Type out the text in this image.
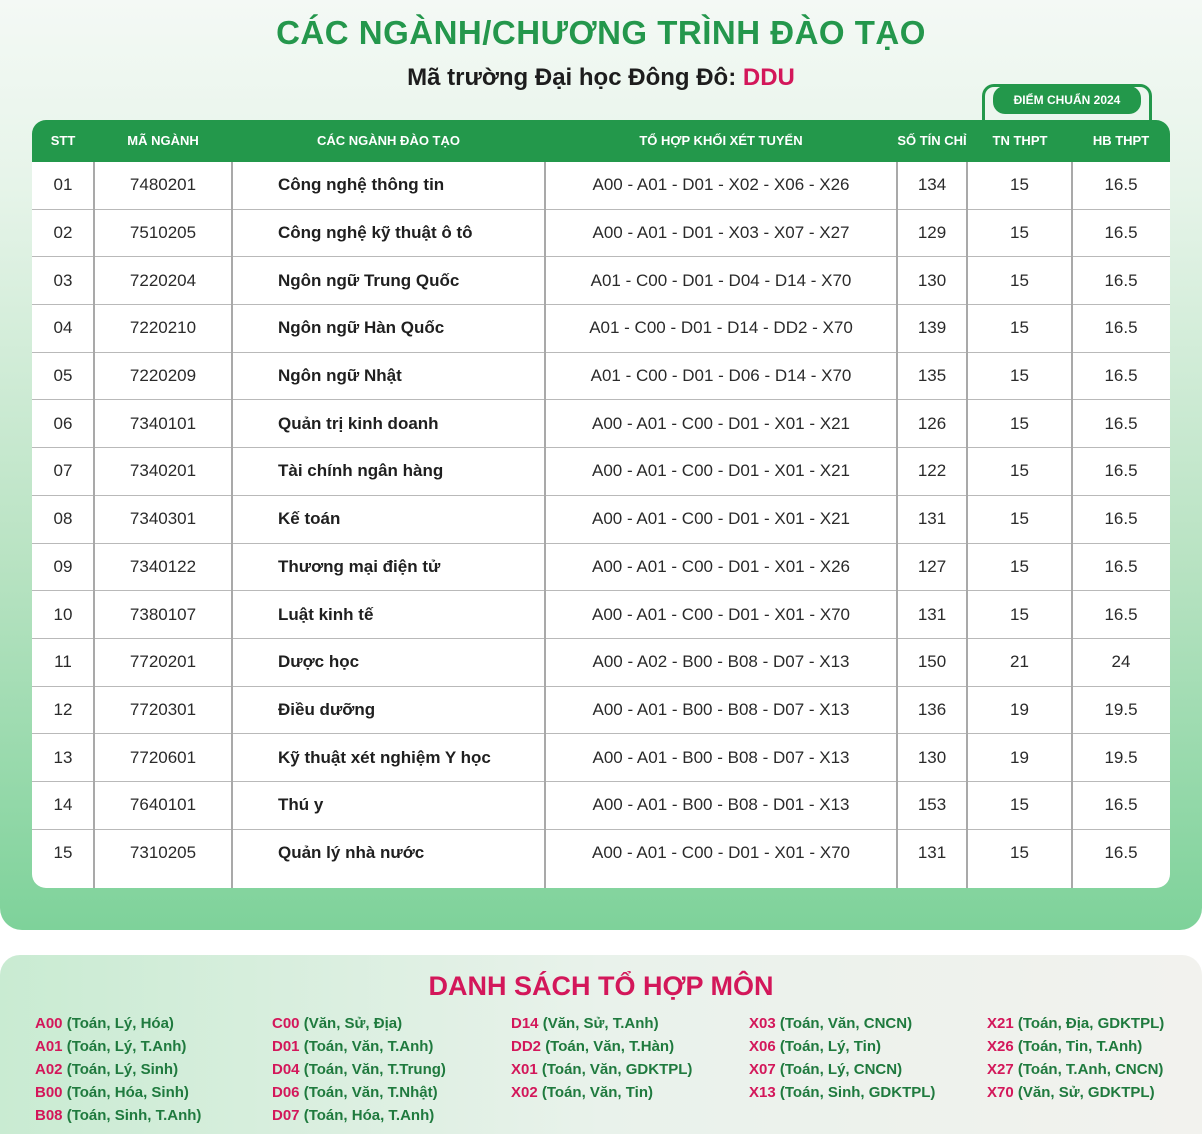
CÁC NGÀNH/CHƯƠNG TRÌNH ĐÀO TẠO
Mã trường Đại học Đông Đô: DDU
ĐIỂM CHUẨN 2024
STT	MÃ NGÀNH	CÁC NGÀNH ĐÀO TẠO	TỔ HỢP KHỐI XÉT TUYỂN	SỐ TÍN CHỈ	TN THPT	HB THPT
01	7480201	Công nghệ thông tin	A00 - A01 - D01 - X02 - X06 - X26	134	15	16.5
02	7510205	Công nghệ kỹ thuật ô tô	A00 - A01 - D01 - X03 - X07 - X27	129	15	16.5
03	7220204	Ngôn ngữ Trung Quốc	A01 - C00 - D01 - D04 - D14 - X70	130	15	16.5
04	7220210	Ngôn ngữ Hàn Quốc	A01 - C00 - D01 - D14 - DD2 - X70	139	15	16.5
05	7220209	Ngôn ngữ Nhật	A01 - C00 - D01 - D06 - D14 - X70	135	15	16.5
06	7340101	Quản trị kinh doanh	A00 - A01 - C00 - D01 - X01 - X21	126	15	16.5
07	7340201	Tài chính ngân hàng	A00 - A01 - C00 - D01 - X01 - X21	122	15	16.5
08	7340301	Kế toán	A00 - A01 - C00 - D01 - X01 - X21	131	15	16.5
09	7340122	Thương mại điện tử	A00 - A01 - C00 - D01 - X01 - X26	127	15	16.5
10	7380107	Luật kinh tế	A00 - A01 - C00 - D01 - X01 - X70	131	15	16.5
11	7720201	Dược học	A00 - A02 - B00 - B08 - D07 - X13	150	21	24
12	7720301	Điều dưỡng	A00 - A01 - B00 - B08 - D07 - X13	136	19	19.5
13	7720601	Kỹ thuật xét nghiệm Y học	A00 - A01 - B00 - B08 - D07 - X13	130	19	19.5
14	7640101	Thú y	A00 - A01 - B00 - B08 - D01 - X13	153	15	16.5
15	7310205	Quản lý nhà nước	A00 - A01 - C00 - D01 - X01 - X70	131	15	16.5
DANH SÁCH TỔ HỢP MÔN
A00 (Toán, Lý, Hóa)
A01 (Toán, Lý, T.Anh)
A02 (Toán, Lý, Sinh)
B00 (Toán, Hóa, Sinh)
B08 (Toán, Sinh, T.Anh)
C00 (Văn, Sử, Địa)
D01 (Toán, Văn, T.Anh)
D04 (Toán, Văn, T.Trung)
D06 (Toán, Văn, T.Nhật)
D07 (Toán, Hóa, T.Anh)
D14 (Văn, Sử, T.Anh)
DD2 (Toán, Văn, T.Hàn)
X01 (Toán, Văn, GDKTPL)
X02 (Toán, Văn, Tin)
X03 (Toán, Văn, CNCN)
X06 (Toán, Lý, Tin)
X07 (Toán, Lý, CNCN)
X13 (Toán, Sinh, GDKTPL)
X21 (Toán, Địa, GDKTPL)
X26 (Toán, Tin, T.Anh)
X27 (Toán, T.Anh, CNCN)
X70 (Văn, Sử, GDKTPL)
